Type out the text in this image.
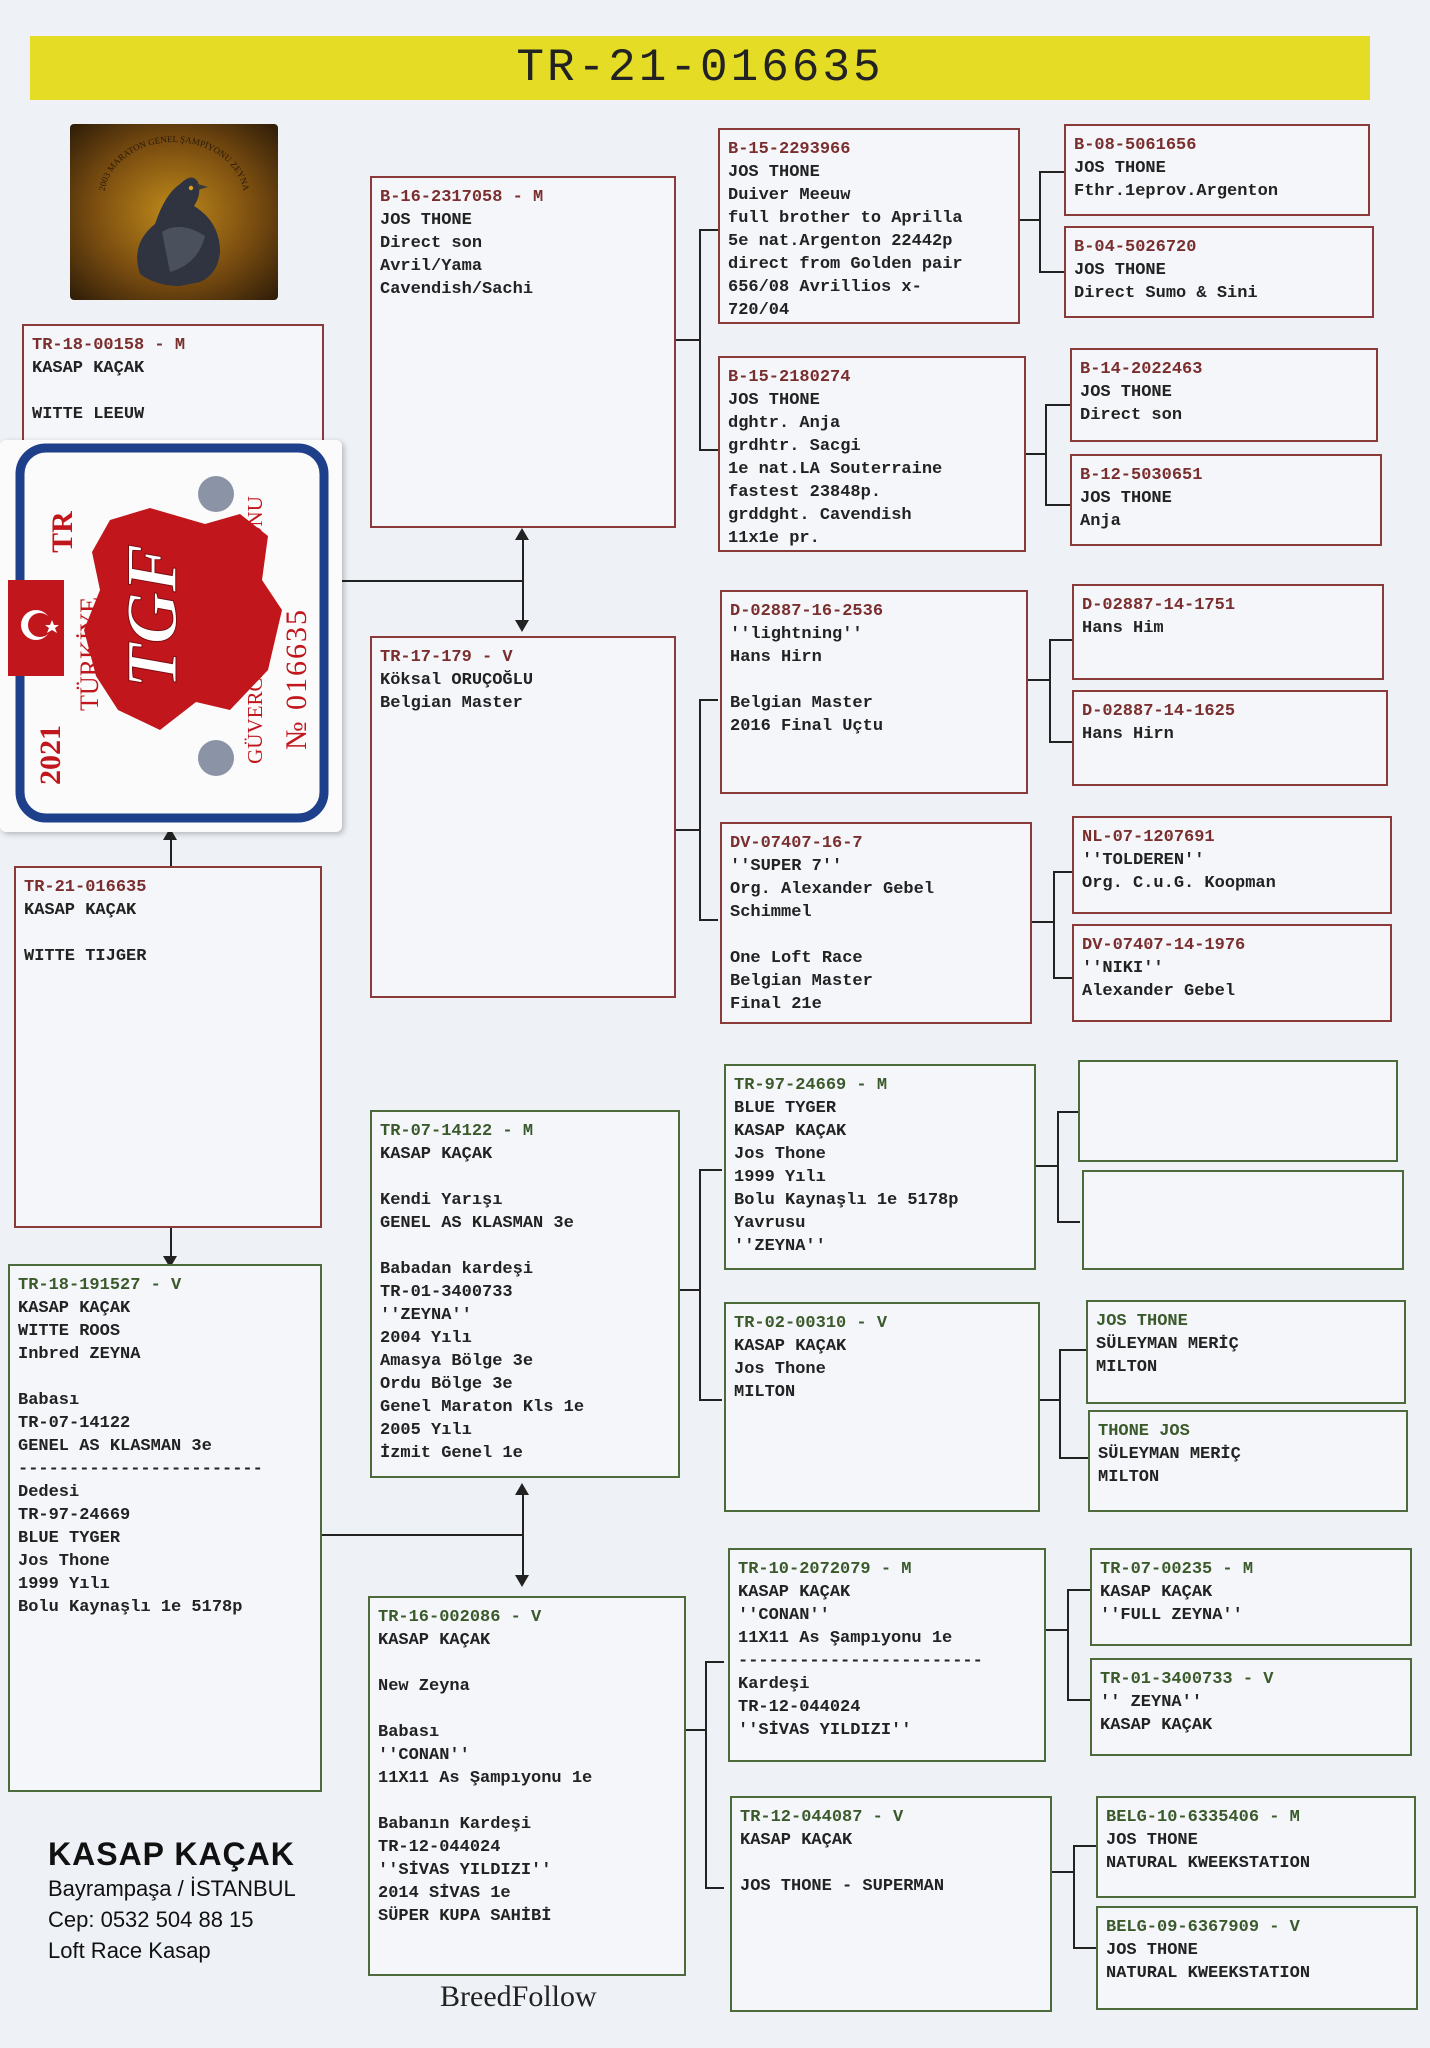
TR-21-016635
2003 MARATON GENEL ŞAMPİYONU ZEYNA
TR-21-016635
KASAP KAÇAK

WITTE TIJGER
TR-18-00158 - M
KASAP KAÇAK

WITTE LEEUW
TR-18-191527 - V
KASAP KAÇAK
WITTE ROOS
Inbred ZEYNA

Babası
TR-07-14122
GENEL AS KLASMAN 3e
------------------------
Dedesi
TR-97-24669
BLUE TYGER
Jos Thone
1999 Yılı
Bolu Kaynaşlı 1e 5178p
TR
TÜRKİYE TGF
2021	GÜVERCİN FEDERASYONU №
016635
B-16-2317058 - M
JOS THONE
Direct son
Avril/Yama
Cavendish/Sachi
TR-17-179 - V
Köksal ORUÇOĞLU
Belgian Master
TR-07-14122 - M
KASAP KAÇAK

Kendi Yarışı
GENEL AS KLASMAN 3e

Babadan kardeşi
TR-01-3400733
''ZEYNA''
2004 Yılı
Amasya Bölge 3e
Ordu Bölge 3e
Genel Maraton Kls 1e
2005 Yılı
İzmit Genel 1e
TR-16-002086 - V
KASAP KAÇAK

New Zeyna

Babası
''CONAN''
11X11 As Şampıyonu 1e

Babanın Kardeşi
TR-12-044024
''SİVAS YILDIZI''
2014 SİVAS 1e
SÜPER KUPA SAHİBİ
B-15-2293966
JOS THONE
Duiver Meeuw
full brother to Aprilla
5e nat.Argenton 22442p
direct from Golden pair
656/08 Avrillios x-
720/04
B-15-2180274
JOS THONE
dghtr. Anja
grdhtr. Sacgi
1e nat.LA Souterraine
fastest 23848p.
grddght. Cavendish
11x1e pr.
D-02887-16-2536
''lightning''
Hans Hirn

Belgian Master
2016 Final Uçtu
DV-07407-16-7
''SUPER 7''
Org. Alexander Gebel
Schimmel

One Loft Race
Belgian Master
Final 21e
TR-97-24669 - M
BLUE TYGER
KASAP KAÇAK
Jos Thone
1999 Yılı
Bolu Kaynaşlı 1e 5178p
Yavrusu
''ZEYNA''
TR-02-00310 - V
KASAP KAÇAK
Jos Thone
MILTON
TR-10-2072079 - M
KASAP KAÇAK
''CONAN''
11X11 As Şampıyonu 1e
------------------------
Kardeşi
TR-12-044024
''SİVAS YILDIZI''
TR-12-044087 - V
KASAP KAÇAK

JOS THONE - SUPERMAN
B-08-5061656
JOS THONE
Fthr.1eprov.Argenton
B-04-5026720
JOS THONE
Direct Sumo & Sini
B-14-2022463
JOS THONE
Direct son
B-12-5030651
JOS THONE
Anja
D-02887-14-1751
Hans Him
D-02887-14-1625
Hans Hirn
NL-07-1207691
''TOLDEREN''
Org. C.u.G. Koopman
DV-07407-14-1976
''NIKI''
Alexander Gebel
JOS THONE
SÜLEYMAN MERİÇ
MILTON
THONE JOS
SÜLEYMAN MERİÇ
MILTON
TR-07-00235 - M
KASAP KAÇAK
''FULL ZEYNA''
TR-01-3400733 - V
'' ZEYNA''
KASAP KAÇAK
BELG-10-6335406 - M
JOS THONE
NATURAL KWEEKSTATION
BELG-09-6367909 - V
JOS THONE
NATURAL KWEEKSTATION
KASAP KAÇAK
Bayrampaşa / İSTANBUL
Cep: 0532 504 88 15
Loft Race Kasap
BreedFollow
